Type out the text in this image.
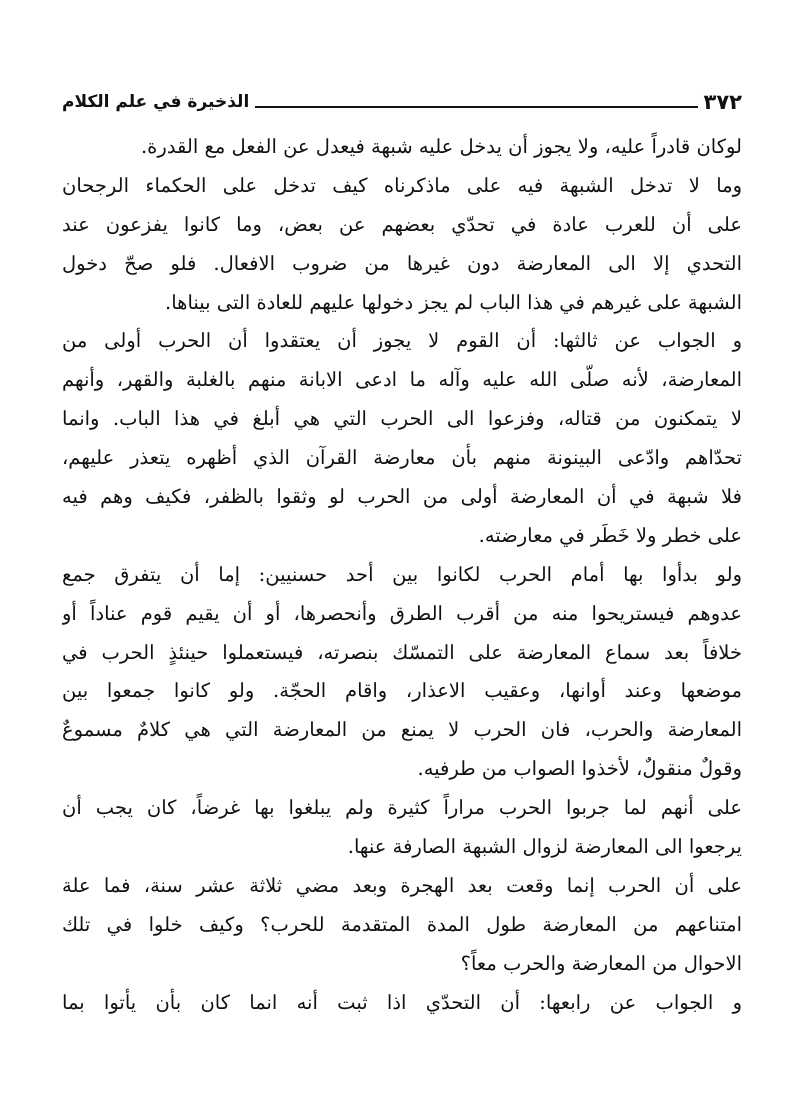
٣٧٢
الذخيرة في علم الكلام
لوكان قادراً عليه، ولا يجوز أن يدخل عليه شبهة فيعدل عن الفعل مع القدرة.
وما لا تدخل الشبهة فيه على ماذكرناه كيف تدخل على الحكماء الرجحان
على أن للعرب عادة في تحدّي بعضهم عن بعض، وما كانوا يفزعون عند
التحدي إلا الى المعارضة دون غيرها من ضروب الافعال. فلو صحّ دخول
الشبهة على غيرهم في هذا الباب لم يجز دخولها عليهم للعادة التى بيناها.
و الجواب عن ثالثها: أن القوم لا يجوز أن يعتقدوا أن الحرب أولى من
المعارضة، لأنه صلّى الله عليه وآله ما ادعى الابانة منهم بالغلبة والقهر، وأنهم
لا يتمكنون من قتاله، وفزعوا الى الحرب التي هي أبلغ في هذا الباب. وانما
تحدّاهم وادّعى البينونة منهم بأن معارضة القرآن الذي أظهره يتعذر عليهم،
فلا شبهة في أن المعارضة أولى من الحرب لو وثقوا بالظفر، فكيف وهم فيه
على خطر ولا خَطَر في معارضته.
ولو بدأوا بها أمام الحرب لكانوا بين أحد حسنيين: إما أن يتفرق جمع
عدوهم فيستريحوا منه من أقرب الطرق وأنحصرها، أو أن يقيم قوم عناداً أو
خلافاً بعد سماع المعارضة على التمسّك بنصرته، فيستعملوا حينئذٍ الحرب في
موضعها وعند أوانها، وعقيب الاعذار، واقام الحجّة. ولو كانوا جمعوا بين
المعارضة والحرب، فان الحرب لا يمنع من المعارضة التي هي كلامٌ مسموعٌ
وقولٌ منقولٌ، لأخذوا الصواب من طرفيه.
على أنهم لما جربوا الحرب مراراً كثيرة ولم يبلغوا بها غرضاً، كان يجب أن
يرجعوا الى المعارضة لزوال الشبهة الصارفة عنها.
على أن الحرب إنما وقعت بعد الهجرة وبعد مضي ثلاثة عشر سنة، فما علة
امتناعهم من المعارضة طول المدة المتقدمة للحرب؟ وكيف خلوا في تلك
الاحوال من المعارضة والحرب معاً؟
و الجواب عن رابعها: أن التحدّي اذا ثبت أنه انما كان بأن يأتوا بما
